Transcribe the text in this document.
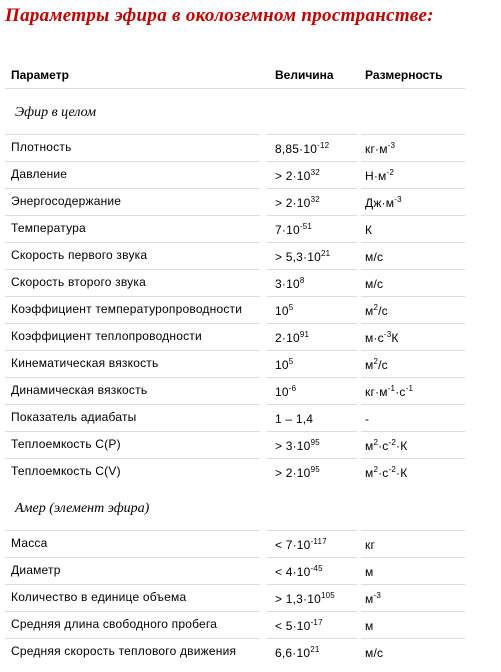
Параметры эфира в околоземном пространстве:
Параметр	Величина	Размерность
Эфир в целом
Плотность	$8,85\cdot 10^{-12}$	$кг\cdot м^{-3}$
Давление	> $2\cdot 10^{32}$	$Н\cdot м^{-2}$
Энергосодержание	> $2\cdot 10^{32}$	$Дж\cdot м^{-3}$
Температура	$7\cdot 10^{-51}$	К
Скорость первого звука	> $5,3\cdot 10^{21}$	м/с
Скорость второго звука	$3\cdot 10^8$	м/с
Коэффициент температуропроводности	$10^5$	$м^2/с$
Коэффициент теплопроводности	$2\cdot 10^{91}$	$м\cdot с^{-3}К$
Кинематическая вязкость	$10^5$	$м^2/с$
Динамическая вязкость	$10^{-6}$	$кг\cdot м^{-1}\cdot с^{-1}$
Показатель адиабаты	1 – 1,4	-
Теплоемкость С(Р)	> $3\cdot 10^{95}$	$м^2\cdot с^{-2}\cdot К$
Теплоемкость С(V)	> $2\cdot 10^{95}$	$м^2\cdot с^{-2}\cdot К$
Амер (элемент эфира)
Масса	< $7\cdot 10^{-117}$	кг
Диаметр	< $4\cdot 10^{-45}$	м
Количество в единице объема	> $1,3\cdot 10^{105}$	$м^{-3}$
Средняя длина свободного пробега	< $5\cdot 10^{-17}$	м
Средняя скорость теплового движения	$6,6\cdot 10^{21}$	м/с
